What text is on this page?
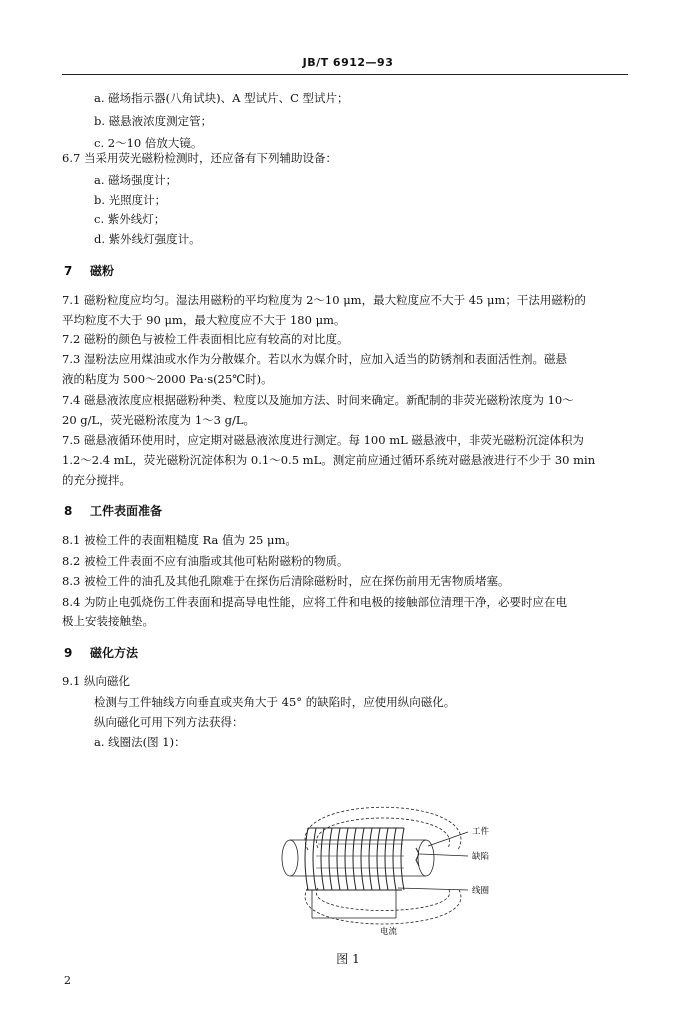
JB/T 6912—93
a. 磁场指示器(八角试块)、A 型试片、C 型试片；
b. 磁悬液浓度测定管；
c. 2～10 倍放大镜。
6.7 当采用荧光磁粉检测时，还应备有下列辅助设备：
a. 磁场强度计；
b. 光照度计；
c. 紫外线灯；
d. 紫外线灯强度计。
7 磁粉
7.1 磁粉粒度应均匀。湿法用磁粉的平均粒度为 2～10 μm，最大粒度应不大于 45 μm；干法用磁粉的
平均粒度不大于 90 μm，最大粒度应不大于 180 μm。
7.2 磁粉的颜色与被检工件表面相比应有较高的对比度。
7.3 湿粉法应用煤油或水作为分散媒介。若以水为媒介时，应加入适当的防锈剂和表面活性剂。磁悬
液的粘度为 500～2000 Pa·s(25℃时)。
7.4 磁悬液浓度应根据磁粉种类、粒度以及施加方法、时间来确定。新配制的非荧光磁粉浓度为 10～
20 g/L，荧光磁粉浓度为 1～3 g/L。
7.5 磁悬液循环使用时，应定期对磁悬液浓度进行测定。每 100 mL 磁悬液中，非荧光磁粉沉淀体积为
1.2～2.4 mL，荧光磁粉沉淀体积为 0.1～0.5 mL。测定前应通过循环系统对磁悬液进行不少于 30 min
的充分搅拌。
8 工件表面准备
8.1 被检工件的表面粗糙度 Ra 值为 25 μm。
8.2 被检工件表面不应有油脂或其他可粘附磁粉的物质。
8.3 被检工件的油孔及其他孔隙难于在探伤后清除磁粉时，应在探伤前用无害物质堵塞。
8.4 为防止电弧烧伤工件表面和提高导电性能，应将工件和电极的接触部位清理干净，必要时应在电
极上安装接触垫。
9 磁化方法
9.1 纵向磁化
检测与工件轴线方向垂直或夹角大于 45° 的缺陷时，应使用纵向磁化。
纵向磁化可用下列方法获得：
a. 线圈法(图 1)：
工件
缺陷
线圈
电流
图 1
2
